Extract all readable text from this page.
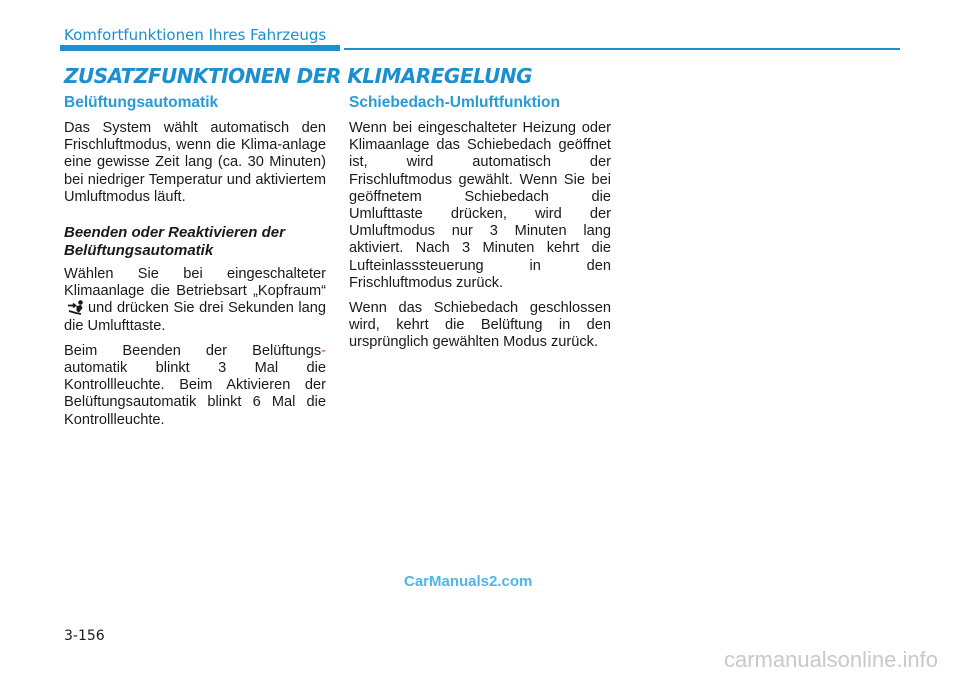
Komfortfunktionen Ihres Fahrzeugs

ZUSATZFUNKTIONEN DER KLIMAREGELUNG
Belüftungsautomatik

Das System wählt automatisch den Frischluftmodus, wenn die Klima-anlage eine gewisse Zeit lang (ca. 30 Minuten) bei niedriger Temperatur und aktiviertem Umluftmodus läuft.

Beenden oder Reaktivieren der Belüftungsautomatik

Wählen Sie bei eingeschalteter Klimaanlage die Betriebsart „Kopfraum“und drücken Sie drei Sekunden lang die Umlufttaste.

Beim Beenden der Belüftungs-automatik blinkt 3 Mal die Kontrollleuchte. Beim Aktivieren der Belüftungsautomatik blinkt 6 Mal die Kontrollleuchte.

Schiebedach-Umluftfunktion

Wenn bei eingeschalteter Heizung oder Klimaanlage das Schiebedach geöffnet ist, wird automatisch der Frischluftmodus gewählt. Wenn Sie bei geöffnetem Schiebedach die Umlufttaste drücken, wird der Umluftmodus nur 3 Minuten lang aktiviert. Nach 3 Minuten kehrt die Lufteinlasssteuerung in den Frischluftmodus zurück.

Wenn das Schiebedach geschlossen wird, kehrt die Belüftung in den ursprünglich gewählten Modus zurück.

CarManuals2.com

3-156

carmanualsonline.info
